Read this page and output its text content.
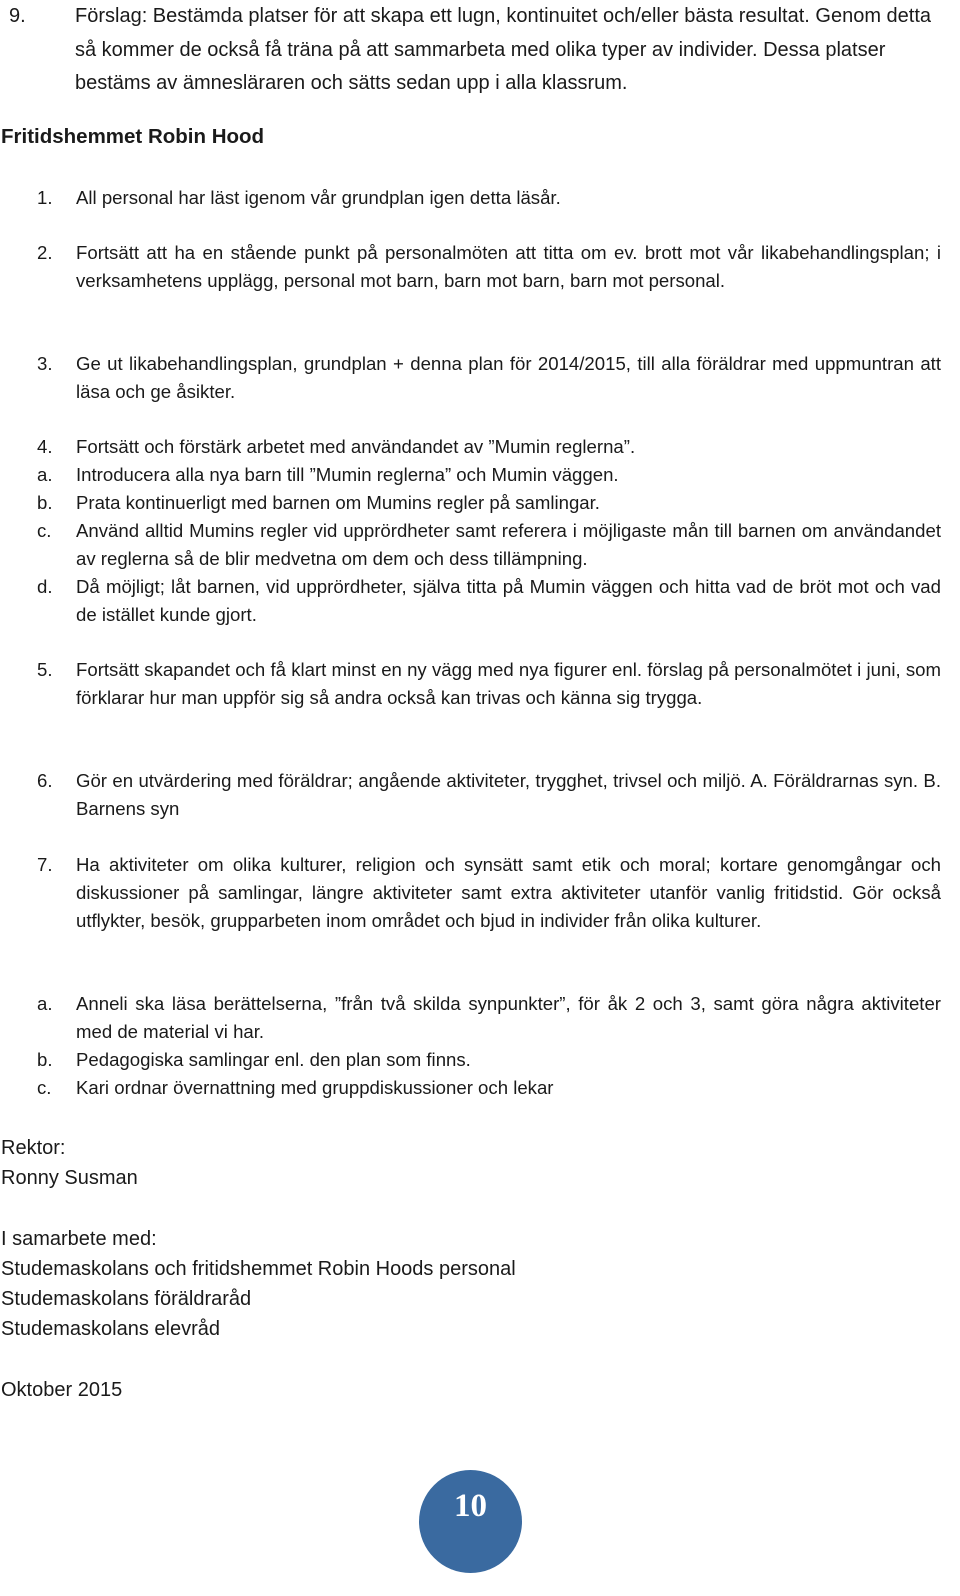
9. Förslag: Bestämda platser för att skapa ett lugn, kontinuitet och/eller bästa resultat. Genom detta så kommer de också få träna på att sammarbeta med olika typer av individer. Dessa platser bestäms av ämnesläraren och sätts sedan upp i alla klassrum.
Fritidshemmet Robin Hood
1. All personal har läst igenom vår grundplan igen detta läsår.
2. Fortsätt att ha en stående punkt på personalmöten att titta om ev. brott mot vår likabehandlingsplan; i verksamhetens upplägg, personal mot barn, barn mot barn, barn mot personal.
3. Ge ut likabehandlingsplan, grundplan + denna plan för 2014/2015, till alla föräldrar med uppmuntran att läsa och ge åsikter.
4. Fortsätt och förstärk arbetet med användandet av ”Mumin reglerna”.
a. Introducera alla nya barn till ”Mumin reglerna” och Mumin väggen.
b. Prata kontinuerligt med barnen om Mumins regler på samlingar.
c. Använd alltid Mumins regler vid upprördheter samt referera i möjligaste mån till barnen om användandet av reglerna så de blir medvetna om dem och dess tillämpning.
d. Då möjligt; låt barnen, vid upprördheter, själva titta på Mumin väggen och hitta vad de bröt mot och vad de istället kunde gjort.
5. Fortsätt skapandet och få klart minst en ny vägg med nya figurer enl. förslag på personalmötet i juni, som förklarar hur man uppför sig så andra också kan trivas och känna sig trygga.
6. Gör en utvärdering med föräldrar; angående aktiviteter, trygghet, trivsel och miljö. A. Föräldrarnas syn. B. Barnens syn
7. Ha aktiviteter om olika kulturer, religion och synsätt samt etik och moral; kortare genomgångar och diskussioner på samlingar, längre aktiviteter samt extra aktiviteter utanför vanlig fritidstid. Gör också utflykter, besök, grupparbeten inom området och bjud in individer från olika kulturer.
a. Anneli ska läsa berättelserna, ”från två skilda synpunkter”, för åk 2 och 3, samt göra några aktiviteter med de material vi har.
b. Pedagogiska samlingar enl. den plan som finns.
c. Kari ordnar övernattning med gruppdiskussioner och lekar
Rektor:
Ronny Susman
I samarbete med:
Studemaskolans och fritidshemmet Robin Hoods personal
Studemaskolans föräldraråd
Studemaskolans elevråd
Oktober 2015
10
